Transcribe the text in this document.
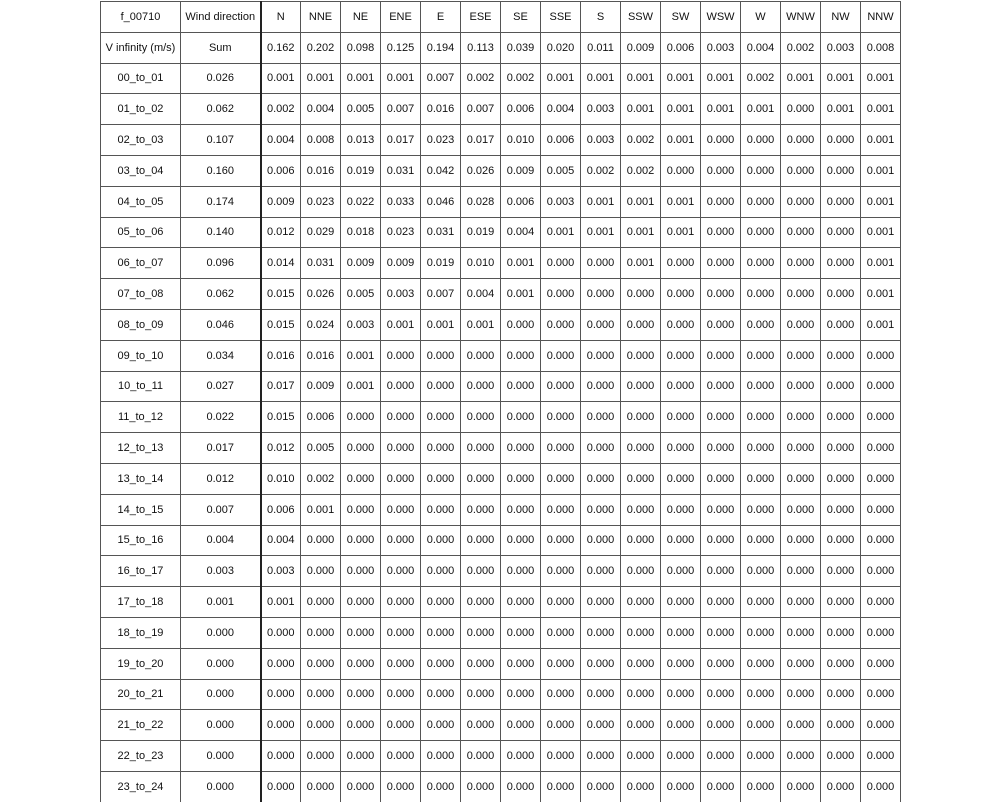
f_00710	Wind direction	N	NNE	NE	ENE	E	ESE	SE	SSE	S	SSW	SW	WSW	W	WNW	NW	NNW
V infinity (m/s)	Sum	0.162	0.202	0.098	0.125	0.194	0.113	0.039	0.020	0.011	0.009	0.006	0.003	0.004	0.002	0.003	0.008
00_to_01	0.026	0.001	0.001	0.001	0.001	0.007	0.002	0.002	0.001	0.001	0.001	0.001	0.001	0.002	0.001	0.001	0.001
01_to_02	0.062	0.002	0.004	0.005	0.007	0.016	0.007	0.006	0.004	0.003	0.001	0.001	0.001	0.001	0.000	0.001	0.001
02_to_03	0.107	0.004	0.008	0.013	0.017	0.023	0.017	0.010	0.006	0.003	0.002	0.001	0.000	0.000	0.000	0.000	0.001
03_to_04	0.160	0.006	0.016	0.019	0.031	0.042	0.026	0.009	0.005	0.002	0.002	0.000	0.000	0.000	0.000	0.000	0.001
04_to_05	0.174	0.009	0.023	0.022	0.033	0.046	0.028	0.006	0.003	0.001	0.001	0.001	0.000	0.000	0.000	0.000	0.001
05_to_06	0.140	0.012	0.029	0.018	0.023	0.031	0.019	0.004	0.001	0.001	0.001	0.001	0.000	0.000	0.000	0.000	0.001
06_to_07	0.096	0.014	0.031	0.009	0.009	0.019	0.010	0.001	0.000	0.000	0.001	0.000	0.000	0.000	0.000	0.000	0.001
07_to_08	0.062	0.015	0.026	0.005	0.003	0.007	0.004	0.001	0.000	0.000	0.000	0.000	0.000	0.000	0.000	0.000	0.001
08_to_09	0.046	0.015	0.024	0.003	0.001	0.001	0.001	0.000	0.000	0.000	0.000	0.000	0.000	0.000	0.000	0.000	0.001
09_to_10	0.034	0.016	0.016	0.001	0.000	0.000	0.000	0.000	0.000	0.000	0.000	0.000	0.000	0.000	0.000	0.000	0.000
10_to_11	0.027	0.017	0.009	0.001	0.000	0.000	0.000	0.000	0.000	0.000	0.000	0.000	0.000	0.000	0.000	0.000	0.000
11_to_12	0.022	0.015	0.006	0.000	0.000	0.000	0.000	0.000	0.000	0.000	0.000	0.000	0.000	0.000	0.000	0.000	0.000
12_to_13	0.017	0.012	0.005	0.000	0.000	0.000	0.000	0.000	0.000	0.000	0.000	0.000	0.000	0.000	0.000	0.000	0.000
13_to_14	0.012	0.010	0.002	0.000	0.000	0.000	0.000	0.000	0.000	0.000	0.000	0.000	0.000	0.000	0.000	0.000	0.000
14_to_15	0.007	0.006	0.001	0.000	0.000	0.000	0.000	0.000	0.000	0.000	0.000	0.000	0.000	0.000	0.000	0.000	0.000
15_to_16	0.004	0.004	0.000	0.000	0.000	0.000	0.000	0.000	0.000	0.000	0.000	0.000	0.000	0.000	0.000	0.000	0.000
16_to_17	0.003	0.003	0.000	0.000	0.000	0.000	0.000	0.000	0.000	0.000	0.000	0.000	0.000	0.000	0.000	0.000	0.000
17_to_18	0.001	0.001	0.000	0.000	0.000	0.000	0.000	0.000	0.000	0.000	0.000	0.000	0.000	0.000	0.000	0.000	0.000
18_to_19	0.000	0.000	0.000	0.000	0.000	0.000	0.000	0.000	0.000	0.000	0.000	0.000	0.000	0.000	0.000	0.000	0.000
19_to_20	0.000	0.000	0.000	0.000	0.000	0.000	0.000	0.000	0.000	0.000	0.000	0.000	0.000	0.000	0.000	0.000	0.000
20_to_21	0.000	0.000	0.000	0.000	0.000	0.000	0.000	0.000	0.000	0.000	0.000	0.000	0.000	0.000	0.000	0.000	0.000
21_to_22	0.000	0.000	0.000	0.000	0.000	0.000	0.000	0.000	0.000	0.000	0.000	0.000	0.000	0.000	0.000	0.000	0.000
22_to_23	0.000	0.000	0.000	0.000	0.000	0.000	0.000	0.000	0.000	0.000	0.000	0.000	0.000	0.000	0.000	0.000	0.000
23_to_24	0.000	0.000	0.000	0.000	0.000	0.000	0.000	0.000	0.000	0.000	0.000	0.000	0.000	0.000	0.000	0.000	0.000
